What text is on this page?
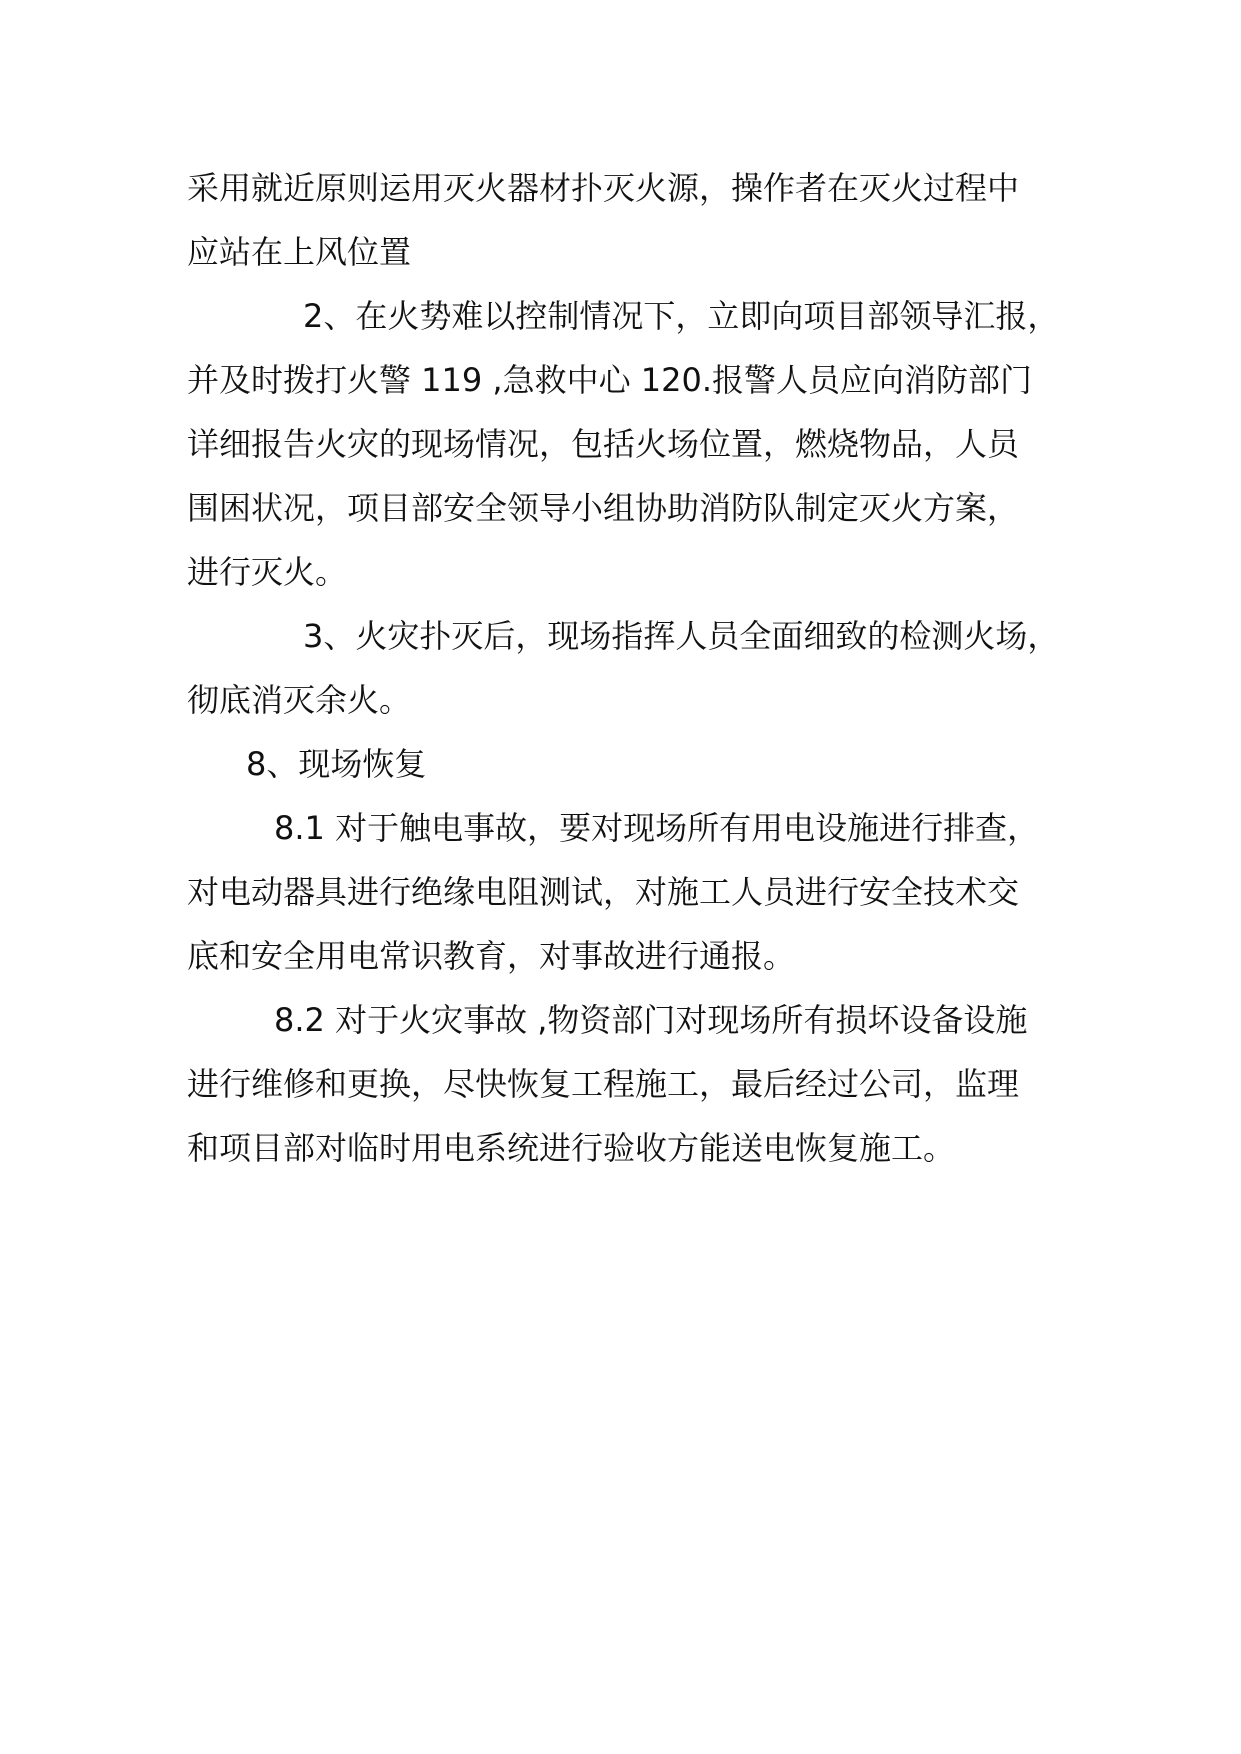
采用就近原则运用灭火器材扑灭火源，操作者在灭火过程中
应站在上风位置
2、在火势难以控制情况下，立即向项目部领导汇报，
并及时拨打火警 119 ,急救中心 120.报警人员应向消防部门
详细报告火灾的现场情况，包括火场位置，燃烧物品，人员
围困状况，项目部安全领导小组协助消防队制定灭火方案，
进行灭火。
3、火灾扑灭后，现场指挥人员全面细致的检测火场，
彻底消灭余火。
8、现场恢复
8.1 对于触电事故，要对现场所有用电设施进行排查，
对电动器具进行绝缘电阻测试，对施工人员进行安全技术交
底和安全用电常识教育，对事故进行通报。
8.2 对于火灾事故 ,物资部门对现场所有损坏设备设施
进行维修和更换，尽快恢复工程施工，最后经过公司，监理
和项目部对临时用电系统进行验收方能送电恢复施工。
